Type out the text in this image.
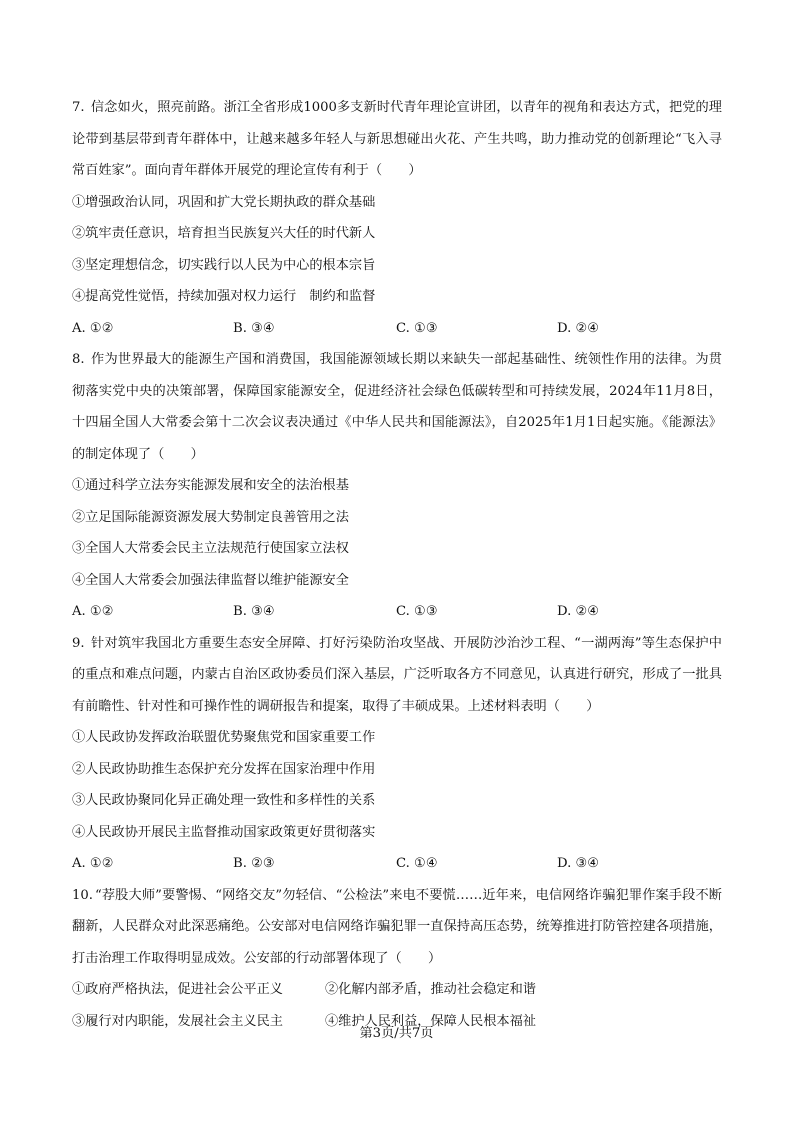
7. 信念如火，照亮前路。浙江全省形成1000多支新时代青年理论宣讲团，以青年的视角和表达方式，把党的理论带到基层带到青年群体中，让越来越多年轻人与新思想碰出火花、产生共鸣，助力推动党的创新理论“飞入寻常百姓家”。面向青年群体开展党的理论宣传有利于（　　）
①增强政治认同，巩固和扩大党长期执政的群众基础
②筑牢责任意识，培育担当民族复兴大任的时代新人
③坚定理想信念，切实践行以人民为中心的根本宗旨
④提高党性觉悟，持续加强对权力运行　制约和监督
A. ①②	B. ③④	C. ①③	D. ②④
8. 作为世界最大的能源生产国和消费国，我国能源领域长期以来缺失一部起基础性、统领性作用的法律。为贯彻落实党中央的决策部署，保障国家能源安全，促进经济社会绿色低碳转型和可持续发展，2024年11月8日，十四届全国人大常委会第十二次会议表决通过《中华人民共和国能源法》，自2025年1月1日起实施。《能源法》的制定体现了（　　）
①通过科学立法夯实能源发展和安全的法治根基
②立足国际能源资源发展大势制定良善管用之法
③全国人大常委会民主立法规范行使国家立法权
④全国人大常委会加强法律监督以维护能源安全
A. ①②	B. ③④	C. ①③	D. ②④
9. 针对筑牢我国北方重要生态安全屏障、打好污染防治攻坚战、开展防沙治沙工程、“一湖两海”等生态保护中的重点和难点问题，内蒙古自治区政协委员们深入基层，广泛听取各方不同意见，认真进行研究，形成了一批具有前瞻性、针对性和可操作性的调研报告和提案，取得了丰硕成果。上述材料表明（　　）
①人民政协发挥政治联盟优势聚焦党和国家重要工作
②人民政协助推生态保护充分发挥在国家治理中作用
③人民政协聚同化异正确处理一致性和多样性的关系
④人民政协开展民主监督推动国家政策更好贯彻落实
A. ①②	B. ②③	C. ①④	D. ③④
10. “荐股大师”要警惕、“网络交友”勿轻信、“公检法”来电不要慌……近年来，电信网络诈骗犯罪作案手段不断翻新，人民群众对此深恶痛绝。公安部对电信网络诈骗犯罪一直保持高压态势，统筹推进打防管控建各项措施，打击治理工作取得明显成效。公安部的行动部署体现了（　　）
①政府严格执法，促进社会公平正义	②化解内部矛盾，推动社会稳定和谐
③履行对内职能，发展社会主义民主	④维护人民利益，保障人民根本福祉
第3页/共7页
